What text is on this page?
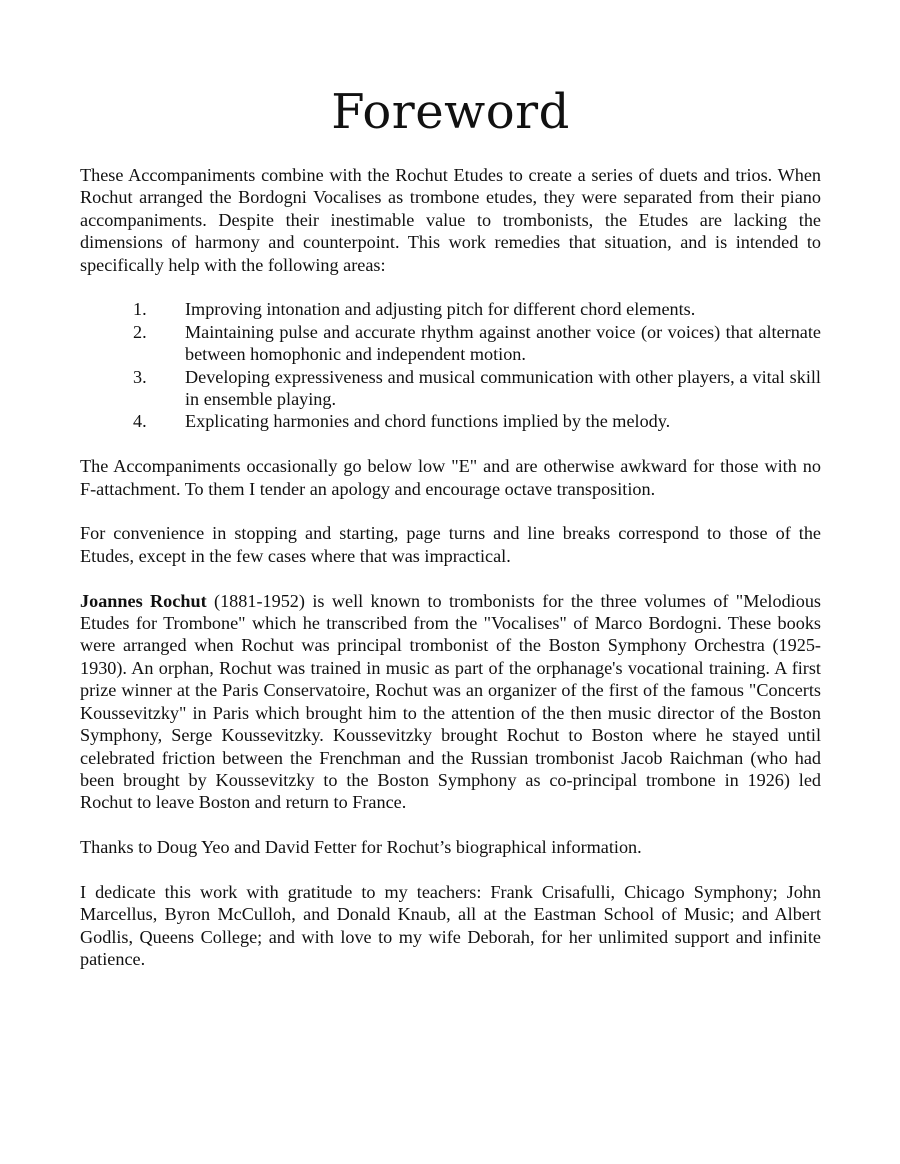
Foreword

These Accompaniments combine with the Rochut Etudes to create a series of duets and trios. When Rochut arranged the Bordogni Vocalises as trombone etudes, they were separated from their piano accompaniments. Despite their inestimable value to trombonists, the Etudes are lacking the dimensions of harmony and counterpoint. This work remedies that situation, and is intended to specifically help with the following areas:

1.	Improving intonation and adjusting pitch for different chord elements.
2.	Maintaining pulse and accurate rhythm against another voice (or voices) that alternate between homophonic and independent motion.
3.	Developing expressiveness and musical communication with other players, a vital skill in ensemble playing.
4.	Explicating harmonies and chord functions implied by the melody.

The Accompaniments occasionally go below low "E" and are otherwise awkward for those with no F-attachment. To them I tender an apology and encourage octave transposition.

For convenience in stopping and starting, page turns and line breaks correspond to those of the Etudes, except in the few cases where that was impractical.

Joannes Rochut (1881-1952) is well known to trombonists for the three volumes of "Melodious Etudes for Trombone" which he transcribed from the "Vocalises" of Marco Bordogni. These books were arranged when Rochut was principal trombonist of the Boston Symphony Orchestra (1925-1930). An orphan, Rochut was trained in music as part of the orphanage's vocational training. A first prize winner at the Paris Conservatoire, Rochut was an organizer of the first of the famous "Concerts Koussevitzky" in Paris which brought him to the attention of the then music director of the Boston Symphony, Serge Koussevitzky. Koussevitzky brought Rochut to Boston where he stayed until celebrated friction between the Frenchman and the Russian trombonist Jacob Raichman (who had been brought by Koussevitzky to the Boston Symphony as co-principal trombone in 1926) led Rochut to leave Boston and return to France.

Thanks to Doug Yeo and David Fetter for Rochut’s biographical information.

I dedicate this work with gratitude to my teachers: Frank Crisafulli, Chicago Symphony; John Marcellus, Byron McCulloh, and Donald Knaub, all at the Eastman School of Music; and Albert Godlis, Queens College; and with love to my wife Deborah, for her unlimited support and infinite patience.
